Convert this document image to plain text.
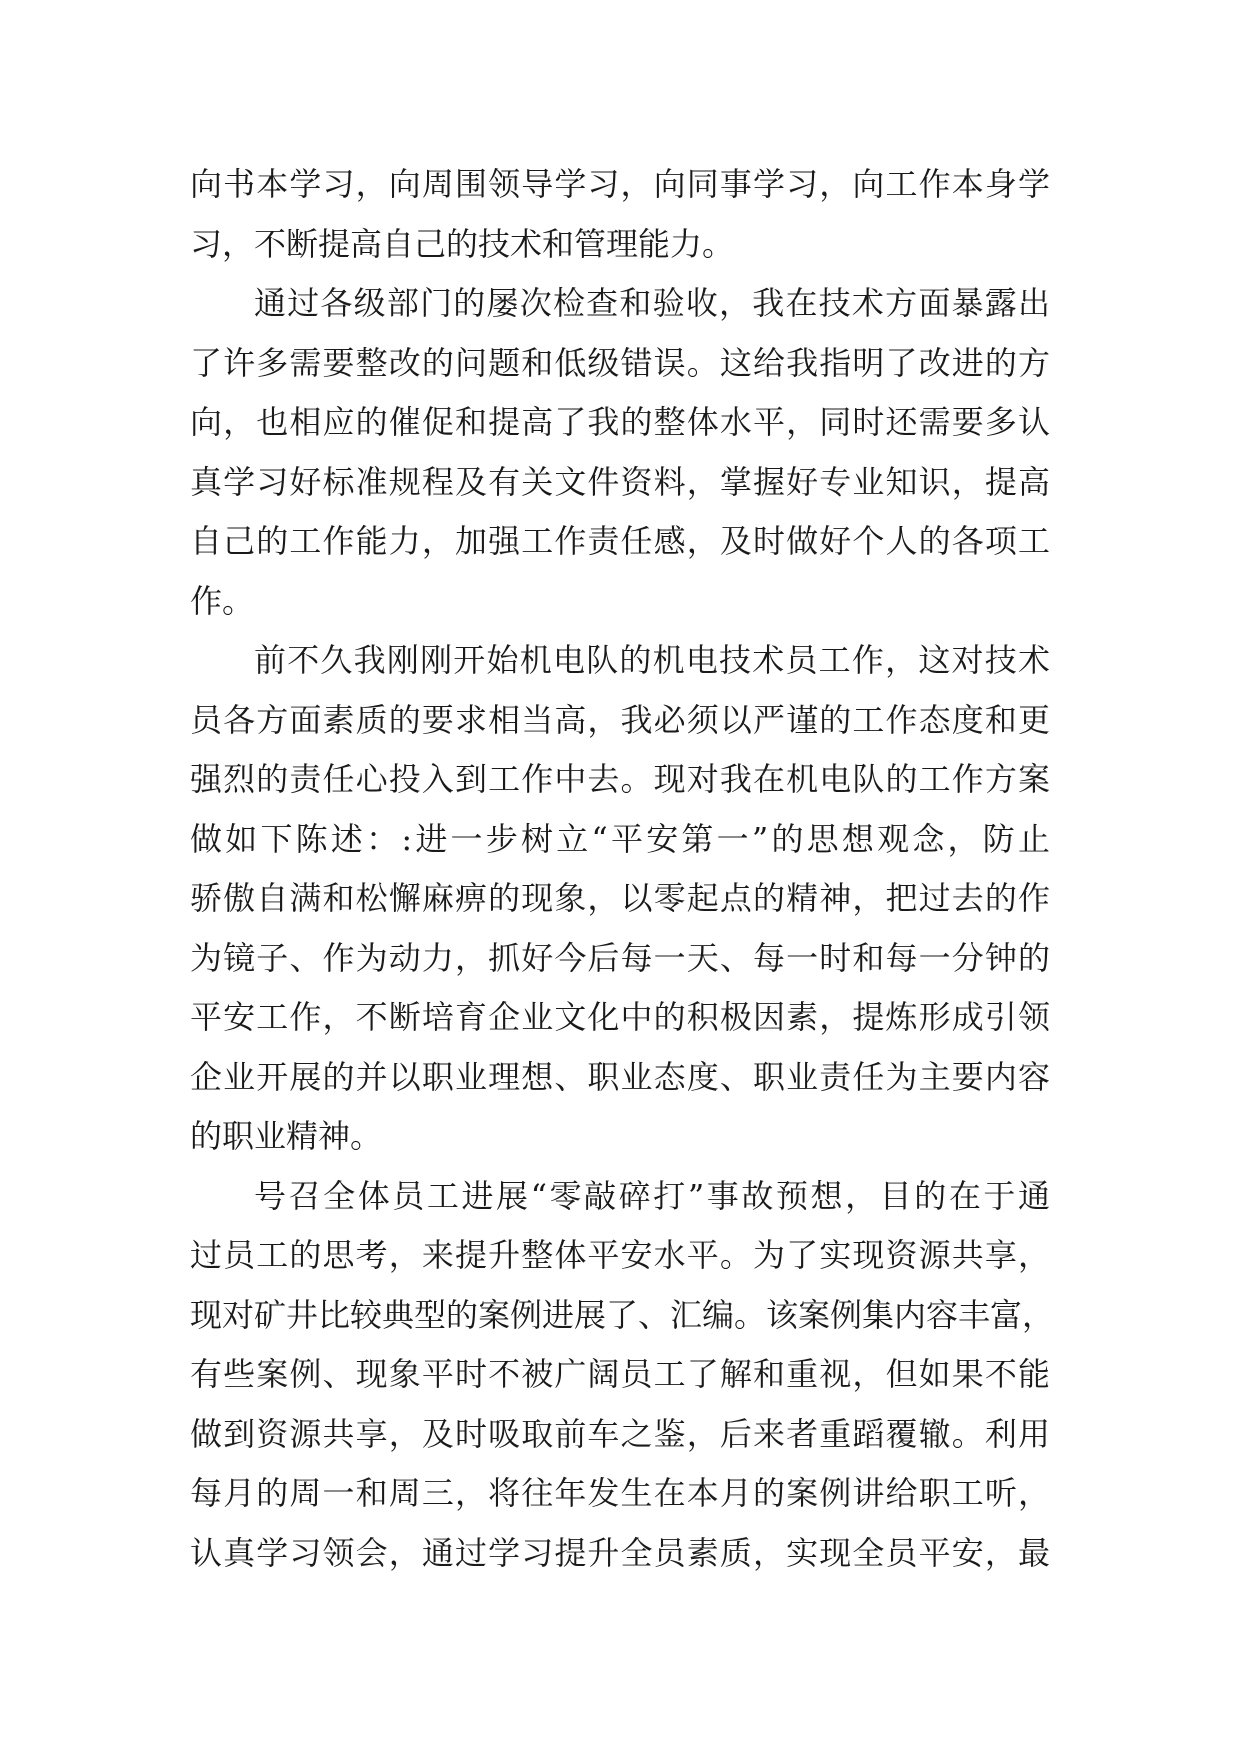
向书本学习，向周围领导学习，向同事学习，向工作本身学
习，不断提高自己的技术和管理能力。
通过各级部门的屡次检查和验收，我在技术方面暴露出
了许多需要整改的问题和低级错误。这给我指明了改进的方
向，也相应的催促和提高了我的整体水平，同时还需要多认
真学习好标准规程及有关文件资料，掌握好专业知识，提高
自己的工作能力，加强工作责任感，及时做好个人的各项工
作。
前不久我刚刚开始机电队的机电技术员工作，这对技术
员各方面素质的要求相当高，我必须以严谨的工作态度和更
强烈的责任心投入到工作中去。现对我在机电队的工作方案
做如下陈述：:进一步树立“平安第一”的思想观念，防止
骄傲自满和松懈麻痹的现象，以零起点的精神，把过去的作
为镜子、作为动力，抓好今后每一天、每一时和每一分钟的
平安工作，不断培育企业文化中的积极因素，提炼形成引领
企业开展的并以职业理想、职业态度、职业责任为主要内容
的职业精神。
号召全体员工进展“零敲碎打”事故预想，目的在于通
过员工的思考，来提升整体平安水平。为了实现资源共享，
现对矿井比较典型的案例进展了、汇编。该案例集内容丰富，
有些案例、现象平时不被广阔员工了解和重视，但如果不能
做到资源共享，及时吸取前车之鉴，后来者重蹈覆辙。利用
每月的周一和周三，将往年发生在本月的案例讲给职工听，
认真学习领会，通过学习提升全员素质，实现全员平安，最
